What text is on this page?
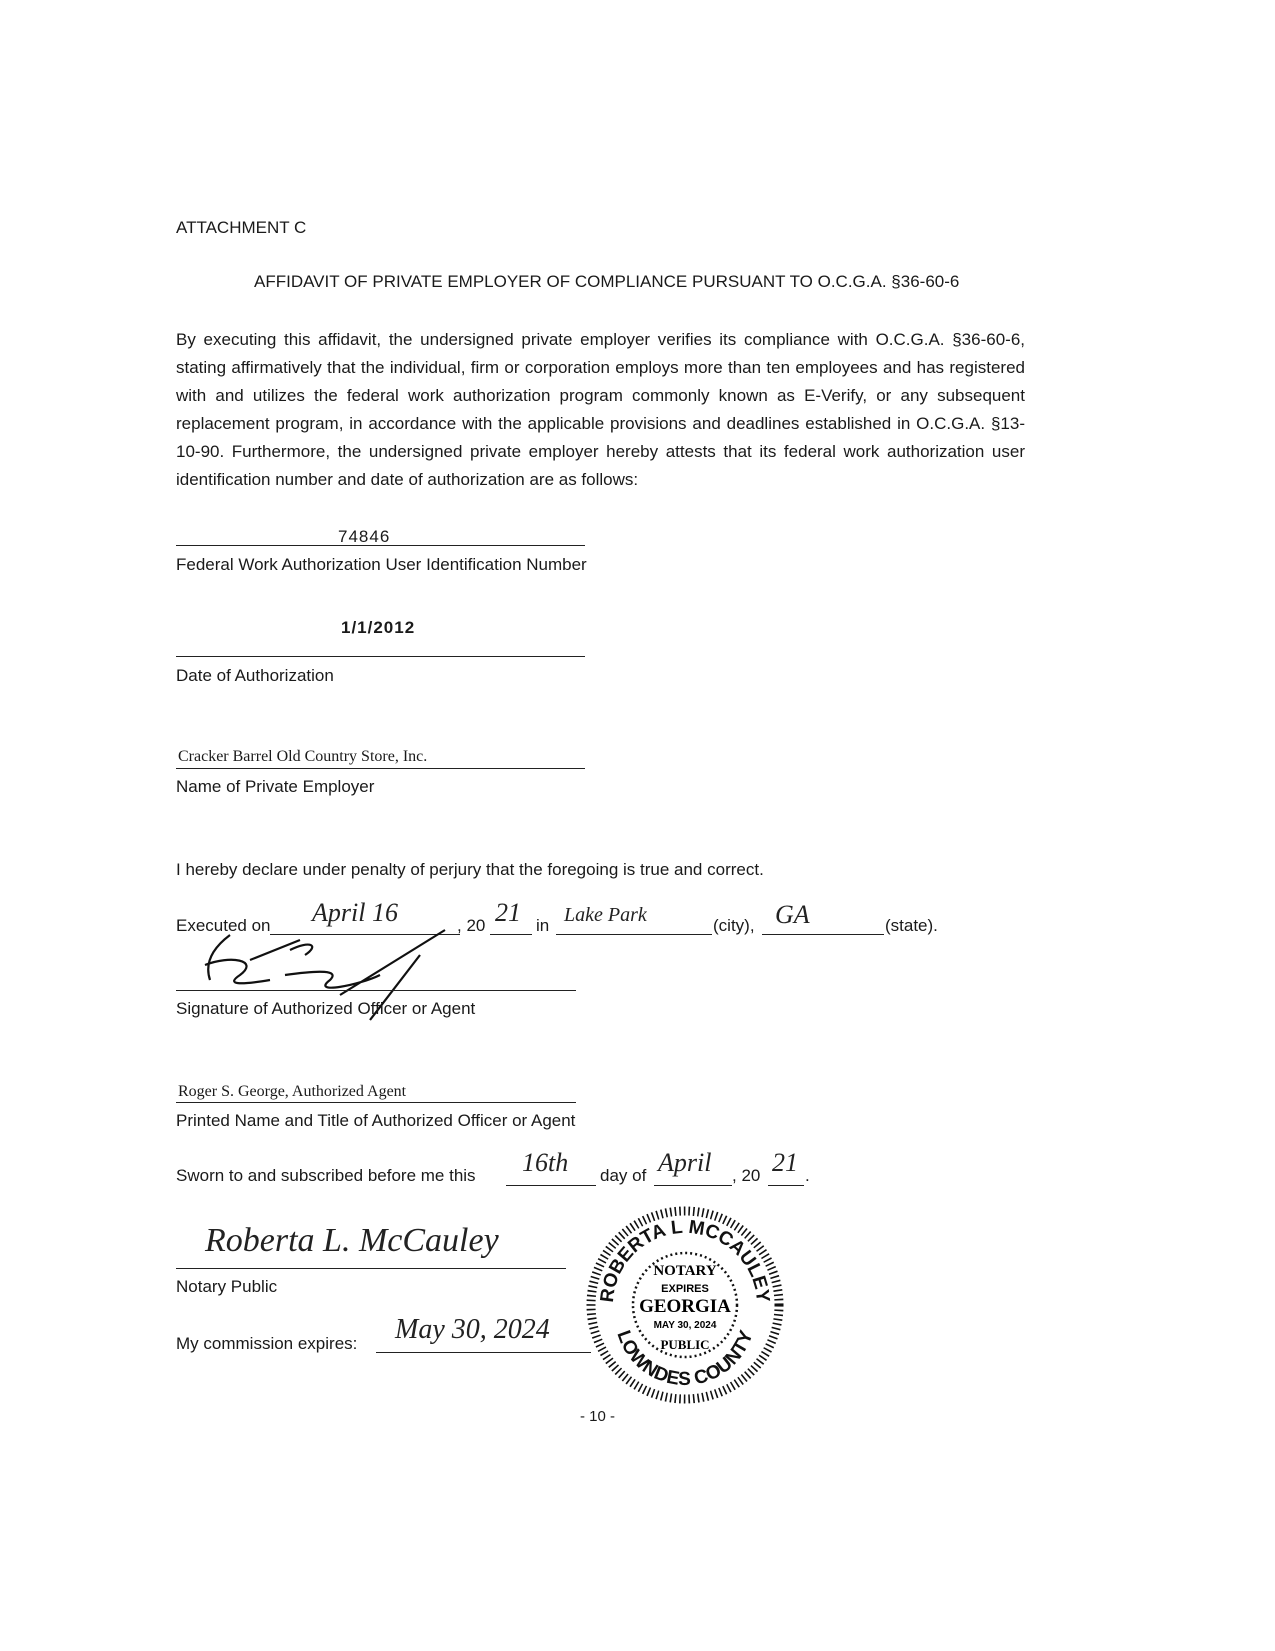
ATTACHMENT C
AFFIDAVIT OF PRIVATE EMPLOYER OF COMPLIANCE PURSUANT TO O.C.G.A. §36-60-6
By executing this affidavit, the undersigned private employer verifies its compliance with O.C.G.A. §36-60-6, stating affirmatively that the individual, firm or corporation employs more than ten employees and has registered with and utilizes the federal work authorization program commonly known as E-Verify, or any subsequent replacement program, in accordance with the applicable provisions and deadlines established in O.C.G.A. §13-10-90. Furthermore, the undersigned private employer hereby attests that its federal work authorization user identification number and date of authorization are as follows:
74846
Federal Work Authorization User Identification Number
1/1/2012
Date of Authorization
Cracker Barrel Old Country Store, Inc.
Name of Private Employer
I hereby declare under penalty of perjury that the foregoing is true and correct.
Executed on April 16	, 20 21 in Lake Park	(city), GA	(state).
Signature of Authorized Officer or Agent
Roger S. George, Authorized Agent
Printed Name and Title of Authorized Officer or Agent
Sworn to and subscribed before me this 16th day of April , 20 21 .
Roberta L. McCauley
Notary Public
My commission expires: May 30, 2024
ROBERTA L MCCAULEY
LOWNDES COUNTY
NOTARY
EXPIRES
GEORGIA
MAY 30, 2024
PUBLIC
- 10 -
